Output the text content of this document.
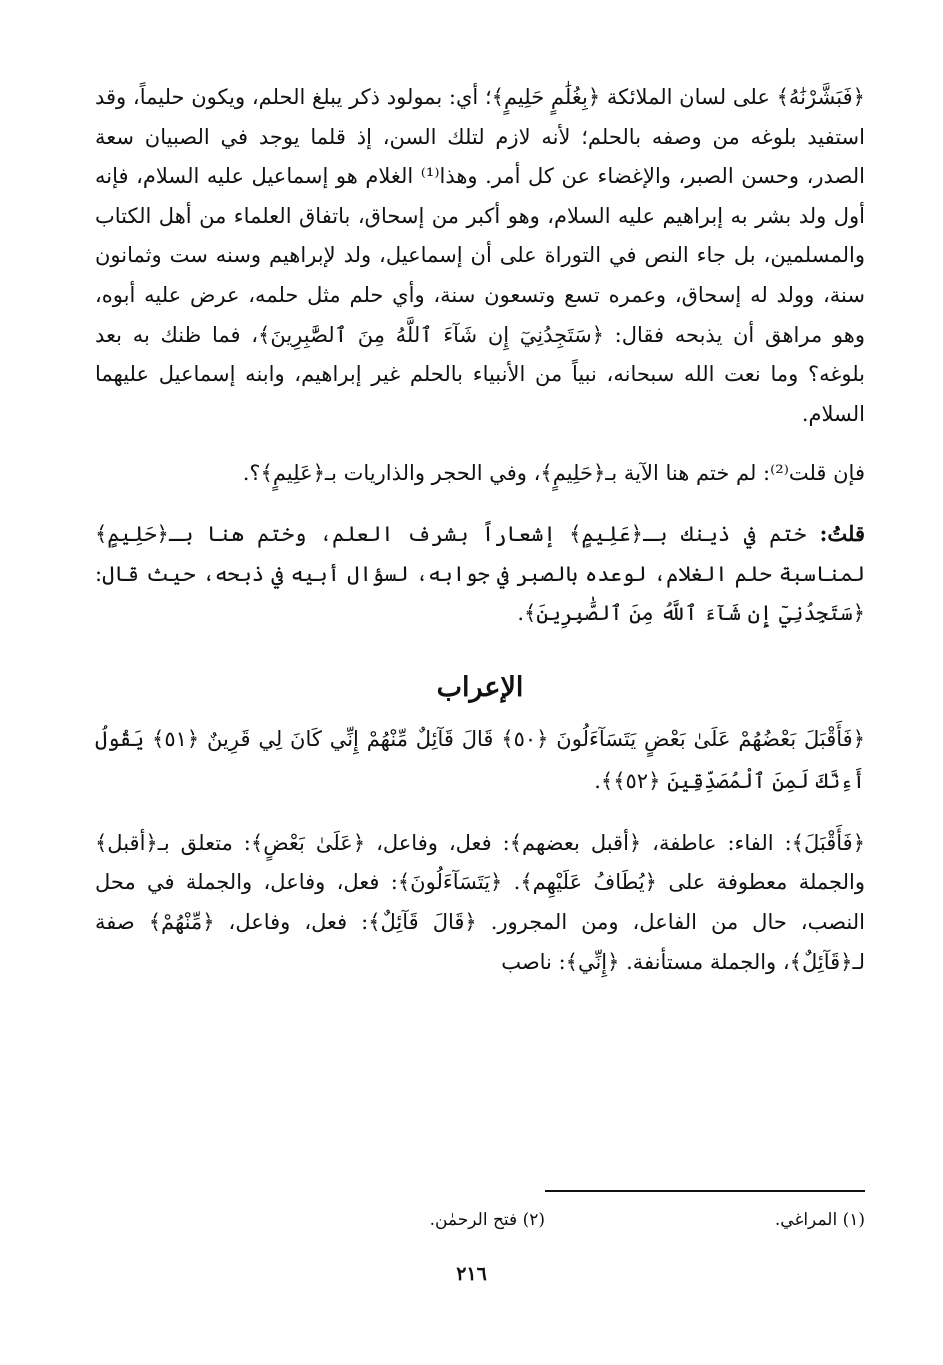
﴿فَبَشَّرْنَٰهُ﴾ على لسان الملائكة ﴿بِغُلَٰمٍ حَلِيمٍ﴾؛ أي: بمولود ذكر يبلغ الحلم، ويكون حليماً، وقد استفيد بلوغه من وصفه بالحلم؛ لأنه لازم لتلك السن، إذ قلما يوجد في الصبيان سعة الصدر، وحسن الصبر، والإغضاء عن كل أمر. وهذا⁽¹⁾ الغلام هو إسماعيل عليه السلام، فإنه أول ولد بشر به إبراهيم عليه السلام، وهو أكبر من إسحاق، باتفاق العلماء من أهل الكتاب والمسلمين، بل جاء النص في التوراة على أن إسماعيل، ولد لإبراهيم وسنه ست وثمانون سنة، وولد له إسحاق، وعمره تسع وتسعون سنة، وأي حلم مثل حلمه، عرض عليه أبوه، وهو مراهق أن يذبحه فقال: ﴿سَتَجِدُنِيٓ إِن شَآءَ ٱللَّهُ مِنَ ٱلصَّٰبِرِينَ﴾، فما ظنك به بعد بلوغه؟ وما نعت الله سبحانه، نبياً من الأنبياء بالحلم غير إبراهيم، وابنه إسماعيل عليهما السلام.

فإن قلت⁽²⁾: لم ختم هنا الآية بـ﴿حَلِيمٍ﴾، وفي الحجر والذاريات بـ﴿عَلِيمٍ﴾؟.

قلتُ: ختم في ذينك بـ﴿عَلِيمٍ﴾ إشعاراً بشرف العلم، وختم هنا بـ﴿حَلِيمٍ﴾ لمناسبة حلم الغلام، لوعده بالصبر في جوابه، لسؤال أبيه في ذبحه، حيث قال: ﴿سَتَجِدُنِيٓ إِن شَآءَ ٱللَّهُ مِنَ ٱلصَّٰبِرِينَ﴾.

الإعراب

﴿فَأَقْبَلَ بَعْضُهُمْ عَلَىٰ بَعْضٍ يَتَسَآءَلُونَ ﴿٥٠﴾ قَالَ قَآئِلٌ مِّنْهُمْ إِنِّي كَانَ لِي قَرِينٌ ﴿٥١﴾ يَقُولُ أَءِنَّكَ لَمِنَ ٱلْمُصَدِّقِينَ ﴿٥٢﴾﴾.

﴿فَأَقْبَلَ﴾: الفاء: عاطفة، ﴿أقبل بعضهم﴾: فعل، وفاعل، ﴿عَلَىٰ بَعْضٍ﴾: متعلق بـ﴿أقبل﴾ والجملة معطوفة على ﴿يُطَافُ عَلَيْهِم﴾. ﴿يَتَسَآءَلُونَ﴾: فعل، وفاعل، والجملة في محل النصب، حال من الفاعل، ومن المجرور. ﴿قَالَ قَآئِلٌ﴾: فعل، وفاعل، ﴿مِّنْهُمْ﴾ صفة لـ﴿قَآئِلٌ﴾، والجملة مستأنفة. ﴿إِنِّي﴾: ناصب

(١) المراغي.
(٢) فتح الرحمٰن.
٢١٦
